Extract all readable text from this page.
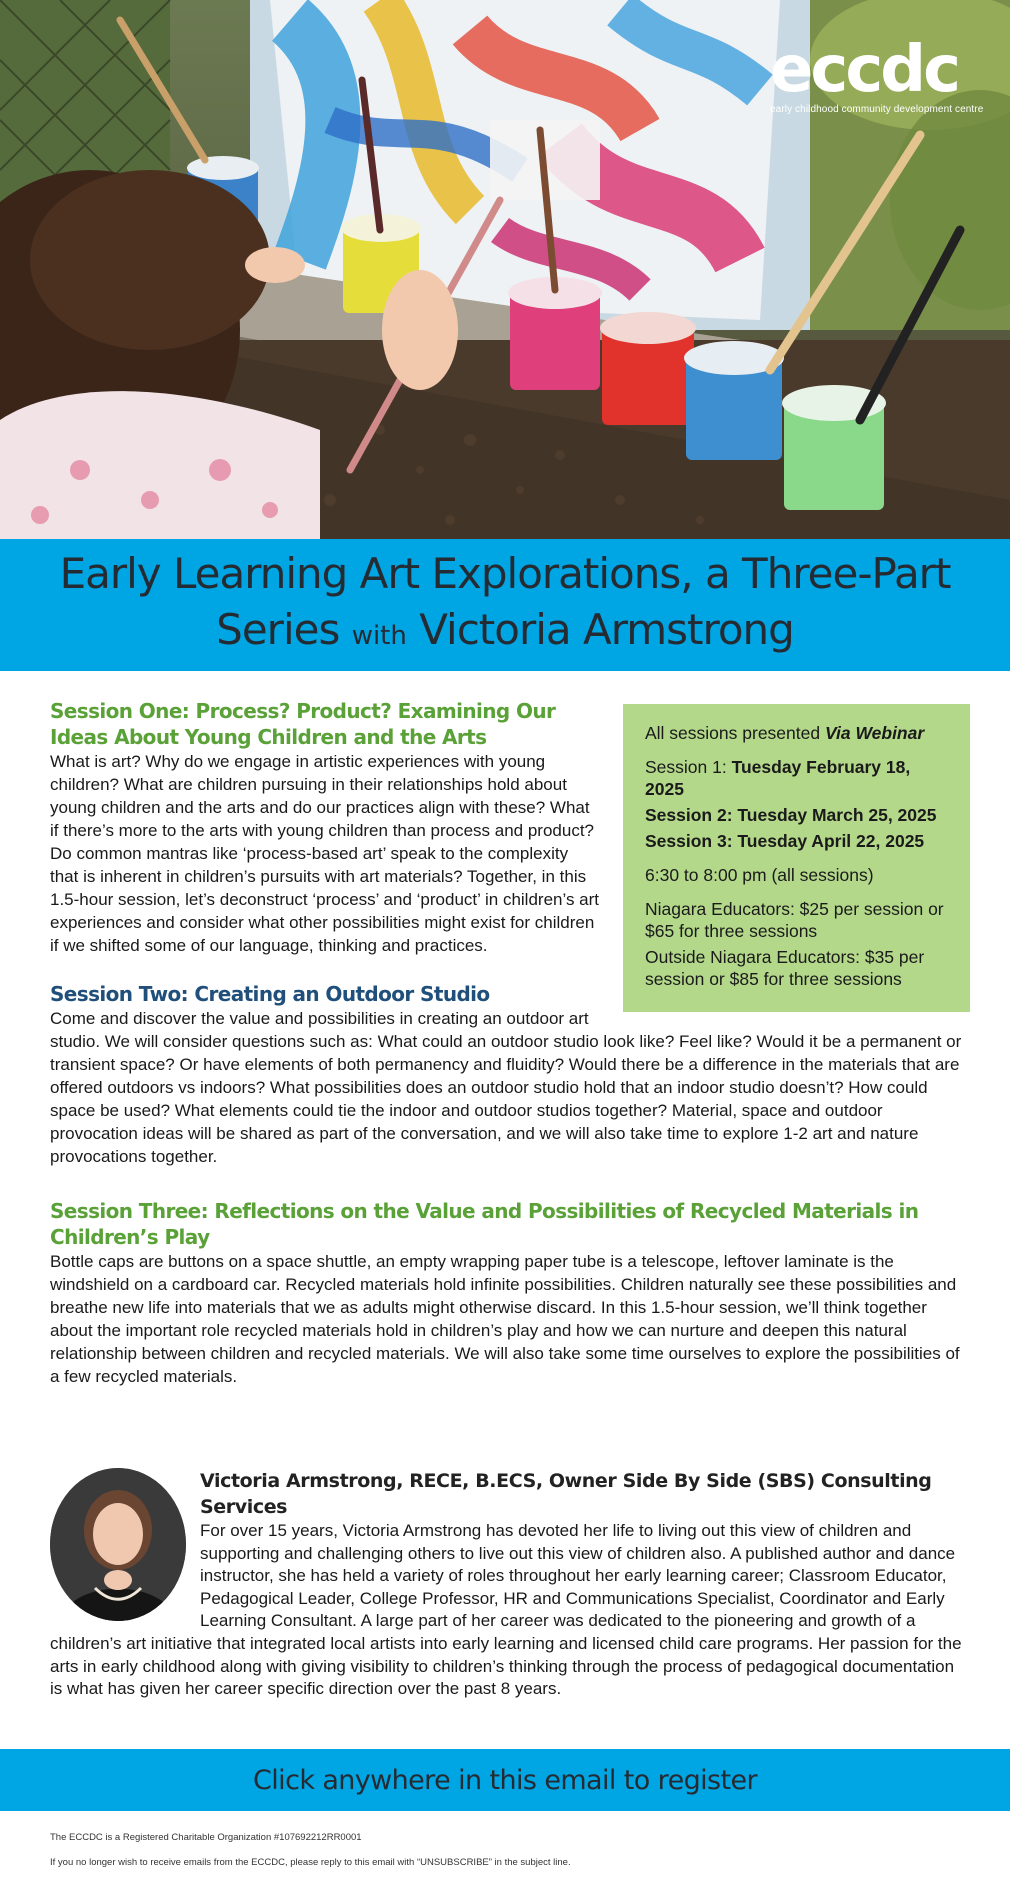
eccdc
early childhood community development centre
Early Learning Art Explorations, a Three-Part
Series with Victoria Armstrong

All sessions presented Via Webinar

Session 1: Tuesday February 18, 2025

Session 2: Tuesday March 25, 2025

Session 3: Tuesday April 22, 2025

6:30 to 8:00 pm (all sessions)

Niagara Educators: $25 per session or $65 for three sessions

Outside Niagara Educators: $35 per session or $85 for three sessions

Session One: Process? Product? Examining Our Ideas About Young Children and the Arts

What is art? Why do we engage in artistic experiences with young children? What are children pursuing in their relationships hold about young children and the arts and do our practices align with these? What if there’s more to the arts with young children than process and product? Do common mantras like ‘process-based art’ speak to the complexity that is inherent in children’s pursuits with art materials? Together, in this 1.5-hour session, let’s deconstruct ‘process’ and ‘product’ in children’s art experiences and consider what other possibilities might exist for children if we shifted some of our language, thinking and practices.

Session Two: Creating an Outdoor Studio

Come and discover the value and possibilities in creating an outdoor art studio. We will consider questions such as: What could an outdoor studio look like? Feel like? Would it be a permanent or transient space? Or have elements of both permanency and fluidity? Would there be a difference in the materials that are offered outdoors vs indoors? What possibilities does an outdoor studio hold that an indoor studio doesn’t? How could space be used? What elements could tie the indoor and outdoor studios together? Material, space and outdoor provocation ideas will be shared as part of the conversation, and we will also take time to explore 1-2 art and nature provocations together.

Session Three: Reflections on the Value and Possibilities of Recycled Materials in Children’s Play

Bottle caps are buttons on a space shuttle, an empty wrapping paper tube is a telescope, leftover laminate is the windshield on a cardboard car. Recycled materials hold infinite possibilities. Children naturally see these possibilities and breathe new life into materials that we as adults might otherwise discard. In this 1.5-hour session, we’ll think together about the important role recycled materials hold in children’s play and how we can nurture and deepen this natural relationship between children and recycled materials. We will also take some time ourselves to explore the possibilities of a few recycled materials.

Victoria Armstrong, RECE, B.ECS, Owner Side By Side (SBS) Consulting Services

For over 15 years, Victoria Armstrong has devoted her life to living out this view of children and supporting and challenging others to live out this view of children also. A published author and dance instructor, she has held a variety of roles throughout her early learning career; Classroom Educator, Pedagogical Leader, College Professor, HR and Communications Specialist, Coordinator and Early Learning Consultant. A large part of her career was dedicated to the pioneering and growth of a children’s art initiative that integrated local artists into early learning and licensed child care programs. Her passion for the arts in early childhood along with giving visibility to children’s thinking through the process of pedagogical documentation is what has given her career specific direction over the past 8 years.

Click anywhere in this email to register

The ECCDC is a Registered Charitable Organization #107692212RR0001

If you no longer wish to receive emails from the ECCDC, please reply to this email with “UNSUBSCRIBE” in the subject line.
